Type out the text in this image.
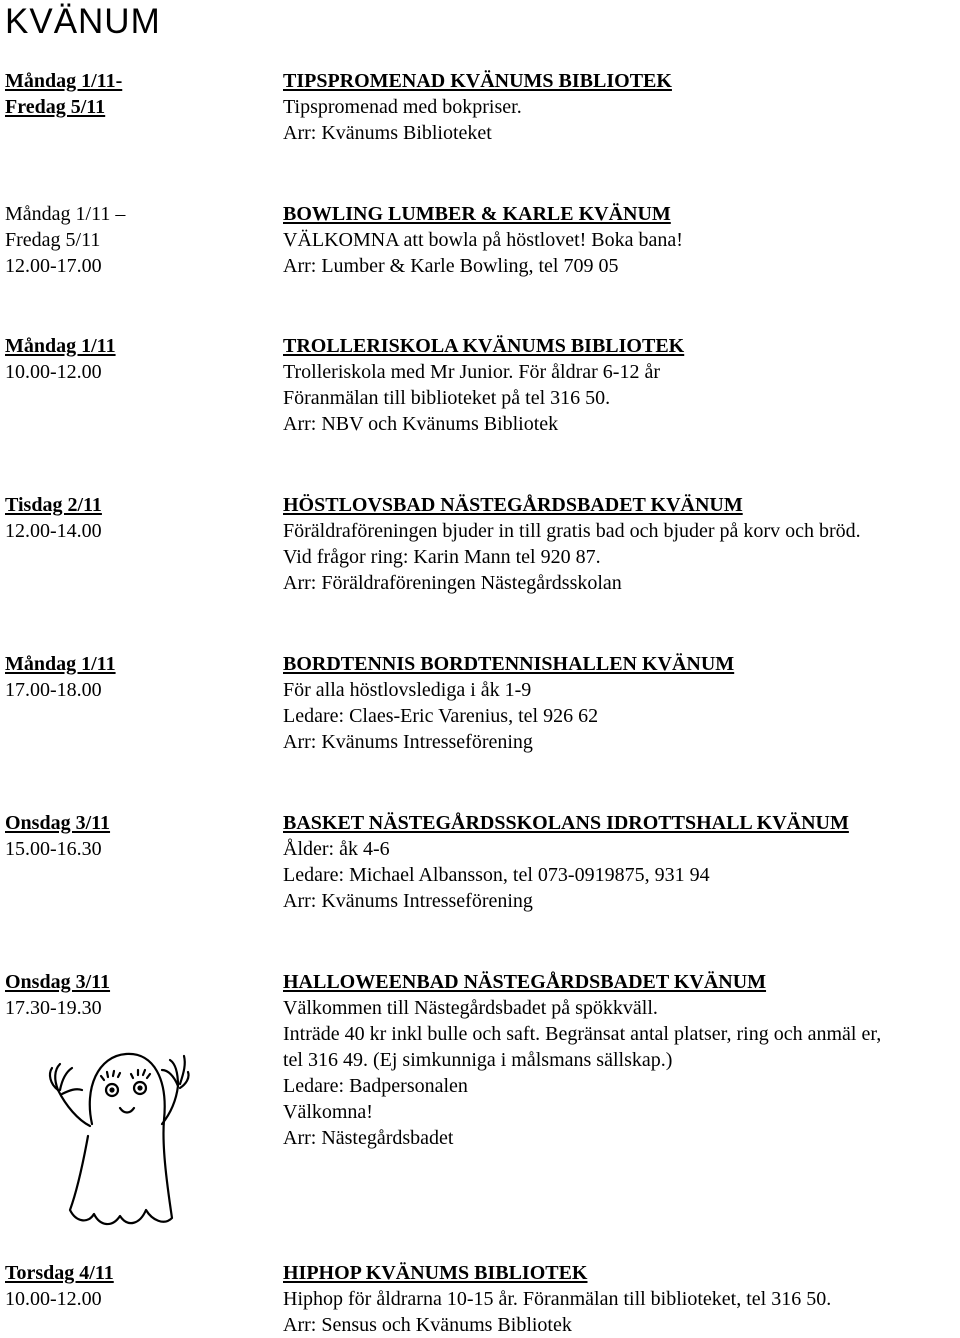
KVÄNUM
Måndag 1/11-
Fredag 5/11
TIPSPROMENAD KVÄNUMS BIBLIOTEK
Tipspromenad med bokpriser.
Arr: Kvänums Biblioteket
Måndag 1/11 –
Fredag 5/11
12.00-17.00
BOWLING LUMBER & KARLE KVÄNUM
VÄLKOMNA att bowla på höstlovet! Boka bana!
Arr: Lumber & Karle Bowling, tel 709 05
Måndag 1/11
10.00-12.00
TROLLERISKOLA KVÄNUMS BIBLIOTEK
Trolleriskola med Mr Junior. För åldrar 6-12 år
Föranmälan till biblioteket på tel 316 50.
Arr: NBV och Kvänums Bibliotek
Tisdag 2/11
12.00-14.00
HÖSTLOVSBAD NÄSTEGÅRDSBADET KVÄNUM
Föräldraföreningen bjuder in till gratis bad och bjuder på korv och bröd.
Vid frågor ring: Karin Mann tel 920 87.
Arr: Föräldraföreningen Nästegårdsskolan
Måndag 1/11
17.00-18.00
BORDTENNIS BORDTENNISHALLEN KVÄNUM
För alla höstlovslediga i åk 1-9
Ledare: Claes-Eric Varenius, tel 926 62
Arr: Kvänums Intresseförening
Onsdag 3/11
15.00-16.30
BASKET NÄSTEGÅRDSSKOLANS IDROTTSHALL KVÄNUM
Ålder: åk 4-6
Ledare: Michael Albansson, tel 073-0919875, 931 94
Arr: Kvänums Intresseförening
Onsdag 3/11
17.30-19.30
HALLOWEENBAD NÄSTEGÅRDSBADET KVÄNUM
Välkommen till Nästegårdsbadet på spökkväll.
Inträde 40 kr inkl bulle och saft. Begränsat antal platser, ring och anmäl er,
tel 316 49. (Ej simkunniga i målsmans sällskap.)
Ledare: Badpersonalen
Välkomna!
Arr: Nästegårdsbadet
Torsdag 4/11
10.00-12.00
HIPHOP KVÄNUMS BIBLIOTEK
Hiphop för åldrarna 10-15 år. Föranmälan till biblioteket, tel 316 50.
Arr: Sensus och Kvänums Bibliotek
